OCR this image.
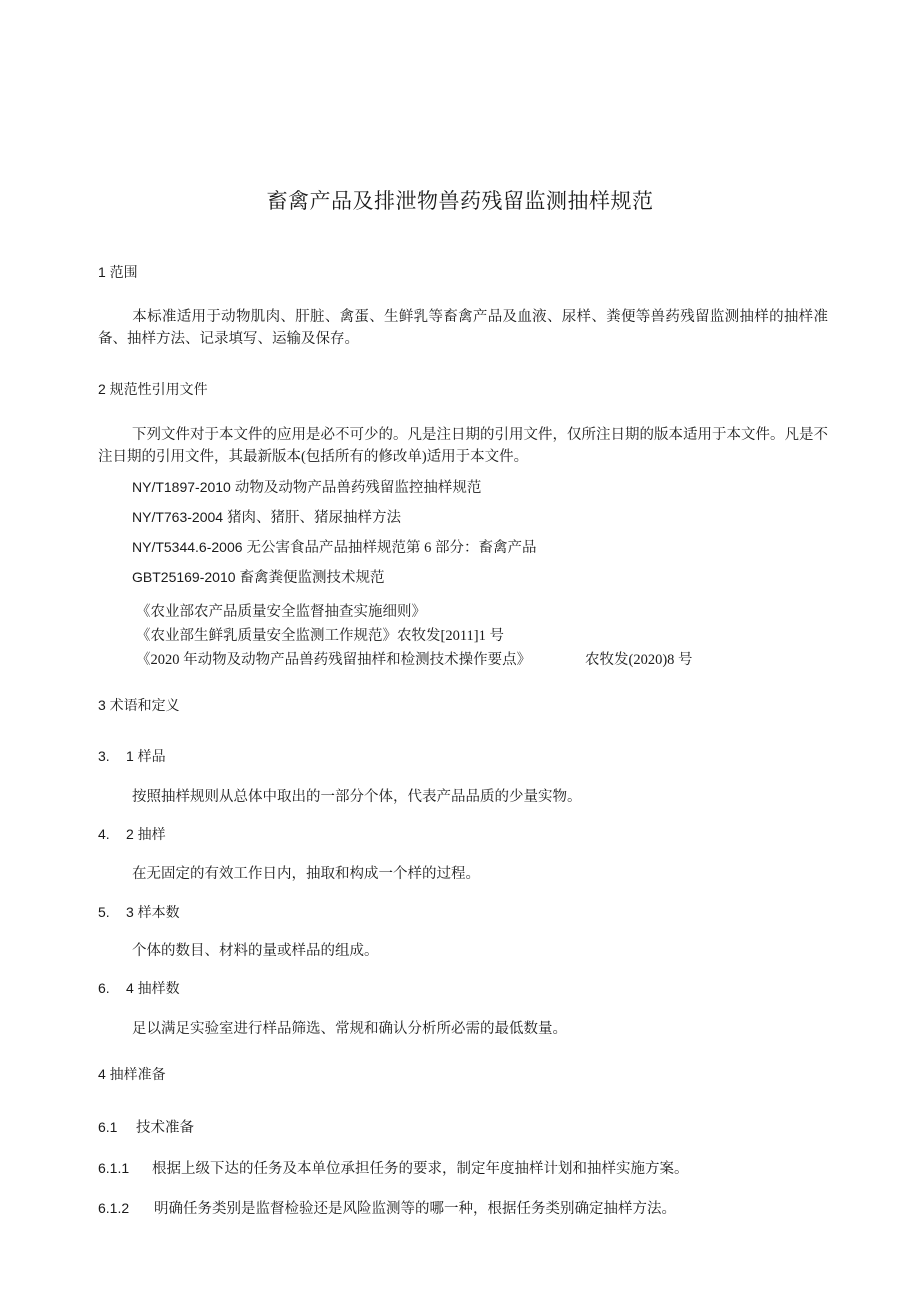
畜禽产品及排泄物兽药残留监测抽样规范
1 范围
本标准适用于动物肌肉、肝脏、禽蛋、生鲜乳等畜禽产品及血液、尿样、粪便等兽药残留监测抽样的抽样准备、抽样方法、记录填写、运输及保存。
2 规范性引用文件
下列文件对于本文件的应用是必不可少的。凡是注日期的引用文件，仅所注日期的版本适用于本文件。凡是不注日期的引用文件，其最新版本(包括所有的修改单)适用于本文件。
NY/T1897-2010 动物及动物产品兽药残留监控抽样规范
NY/T763-2004 猪肉、猪肝、猪尿抽样方法
NY/T5344.6-2006 无公害食品产品抽样规范第 6 部分：畜禽产品
GBT25169-2010 畜禽粪便监测技术规范
《农业部农产品质量安全监督抽查实施细则》
《农业部生鲜乳质量安全监测工作规范》农牧发[2011]1 号
《2020 年动物及动物产品兽药残留抽样和检测技术操作要点》	农牧发(2020)8 号
3 术语和定义
3. 1 样品
按照抽样规则从总体中取出的一部分个体，代表产品品质的少量实物。
4. 2 抽样
在无固定的有效工作日内，抽取和构成一个样的过程。
5. 3 样本数
个体的数目、材料的量或样品的组成。
6. 4 抽样数
足以满足实验室进行样品筛选、常规和确认分析所必需的最低数量。
4 抽样准备
6.1 技术准备
6.1.1 根据上级下达的任务及本单位承担任务的要求，制定年度抽样计划和抽样实施方案。
6.1.2 明确任务类别是监督检验还是风险监测等的哪一种，根据任务类别确定抽样方法。
